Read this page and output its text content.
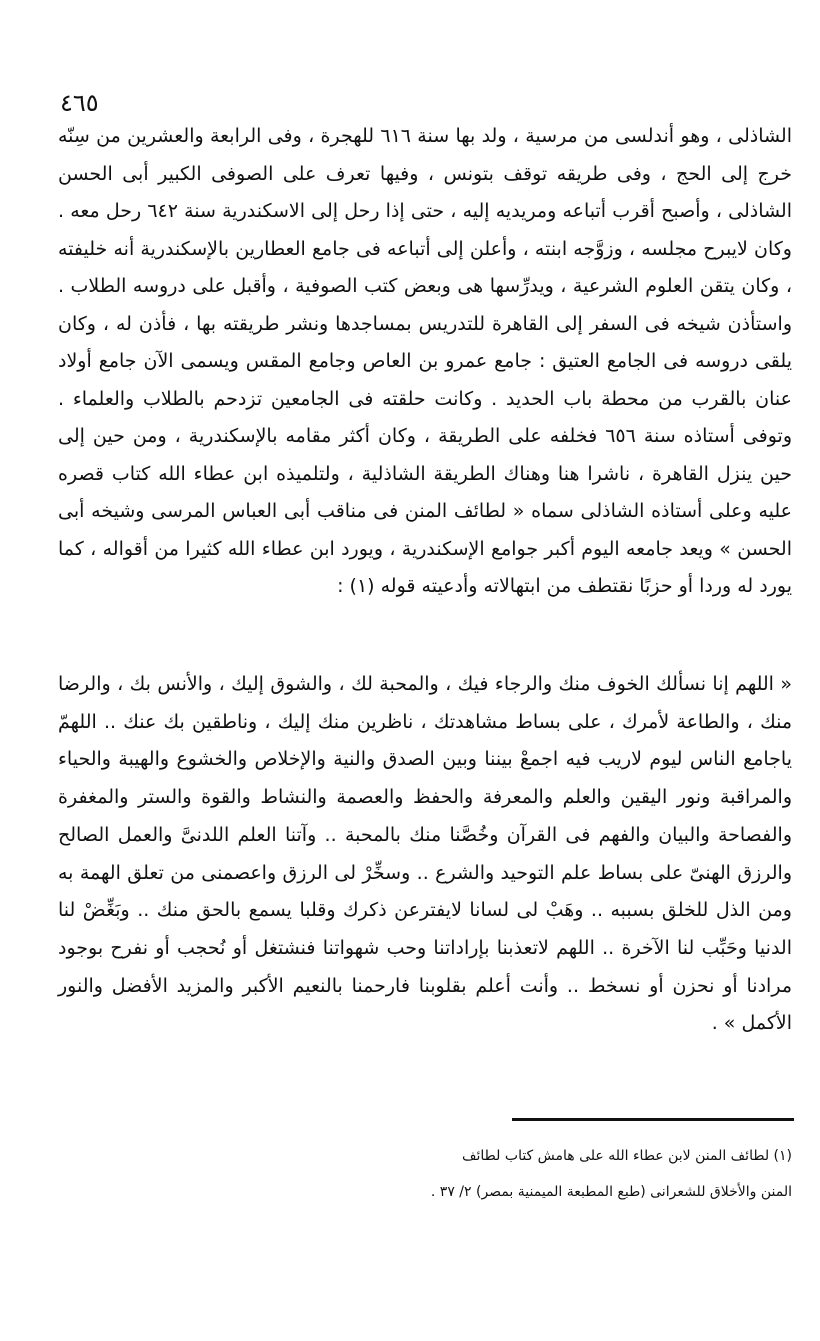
٤٦٥
الشاذلى ، وهو أندلسى من مرسية ، ولد بها سنة ٦١٦ للهجرة ، وفى الرابعة والعشرين من سِنّه خرج إلى الحج ، وفى طريقه توقف بتونس ، وفيها تعرف على الصوفى الكبير أبى الحسن الشاذلى ، وأصبح أقرب أتباعه ومريديه إليه ، حتى إذا رحل إلى الاسكندرية سنة ٦٤٢ رحل معه . وكان لايبرح مجلسه ، وزوَّجه ابنته ، وأعلن إلى أتباعه فى جامع العطارين بالإسكندرية أنه خليفته ، وكان يتقن العلوم الشرعية ، ويدرِّسها هى وبعض كتب الصوفية ، وأقبل على دروسه الطلاب . واستأذن شيخه فى السفر إلى القاهرة للتدريس بمساجدها ونشر طريقته بها ، فأذن له ، وكان يلقى دروسه فى الجامع العتيق : جامع عمرو بن العاص وجامع المقس ويسمى الآن جامع أولاد عنان بالقرب من محطة باب الحديد . وكانت حلقته فى الجامعين تزدحم بالطلاب والعلماء . وتوفى أستاذه سنة ٦٥٦ فخلفه على الطريقة ، وكان أكثر مقامه بالإسكندرية ، ومن حين إلى حين ينزل القاهرة ، ناشرا هنا وهناك الطريقة الشاذلية ، ولتلميذه ابن عطاء الله كتاب قصره عليه وعلى أستاذه الشاذلى سماه « لطائف المنن فى مناقب أبى العباس المرسى وشيخه أبى الحسن » ويعد جامعه اليوم أكبر جوامع الإسكندرية ، ويورد ابن عطاء الله كثيرا من أقواله ، كما يورد له وردا أو حزبًا نقتطف من ابتهالاته وأدعيته قوله (١) :
« اللهم إنا نسألك الخوف منك والرجاء فيك ، والمحبة لك ، والشوق إليك ، والأنس بك ، والرضا منك ، والطاعة لأمرك ، على بساط مشاهدتك ، ناظرين منك إليك ، وناطقين بك عنك .. اللهمّ ياجامع الناس ليوم لاريب فيه اجمعْ بيننا وبين الصدق والنية والإخلاص والخشوع والهيبة والحياء والمراقبة ونور اليقين والعلم والمعرفة والحفظ والعصمة والنشاط والقوة والستر والمغفرة والفصاحة والبيان والفهم فى القرآن وخُصَّنا منك بالمحبة .. وآتنا العلم اللدنىَّ والعمل الصالح والرزق الهنىّ على بساط علم التوحيد والشرع .. وسخِّرْ لى الرزق واعصمنى من تعلق الهمة به ومن الذل للخلق بسببه .. وهَبْ لى لسانا لايفترعن ذكرك وقلبا يسمع بالحق منك .. وبَغِّضْ لنا الدنيا وحَبِّب لنا الآخرة .. اللهم لاتعذبنا بإراداتنا وحب شهواتنا فنشتغل أو نُحجب أو نفرح بوجود مرادنا أو نحزن أو نسخط .. وأنت أعلم بقلوبنا فارحمنا بالنعيم الأكبر والمزيد الأفضل والنور الأكمل » .
(١) لطائف المنن لابن عطاء الله على هامش كتاب لطائف
المنن والأخلاق للشعرانى (طبع المطبعة الميمنية بمصر) ٢/ ٣٧ .
